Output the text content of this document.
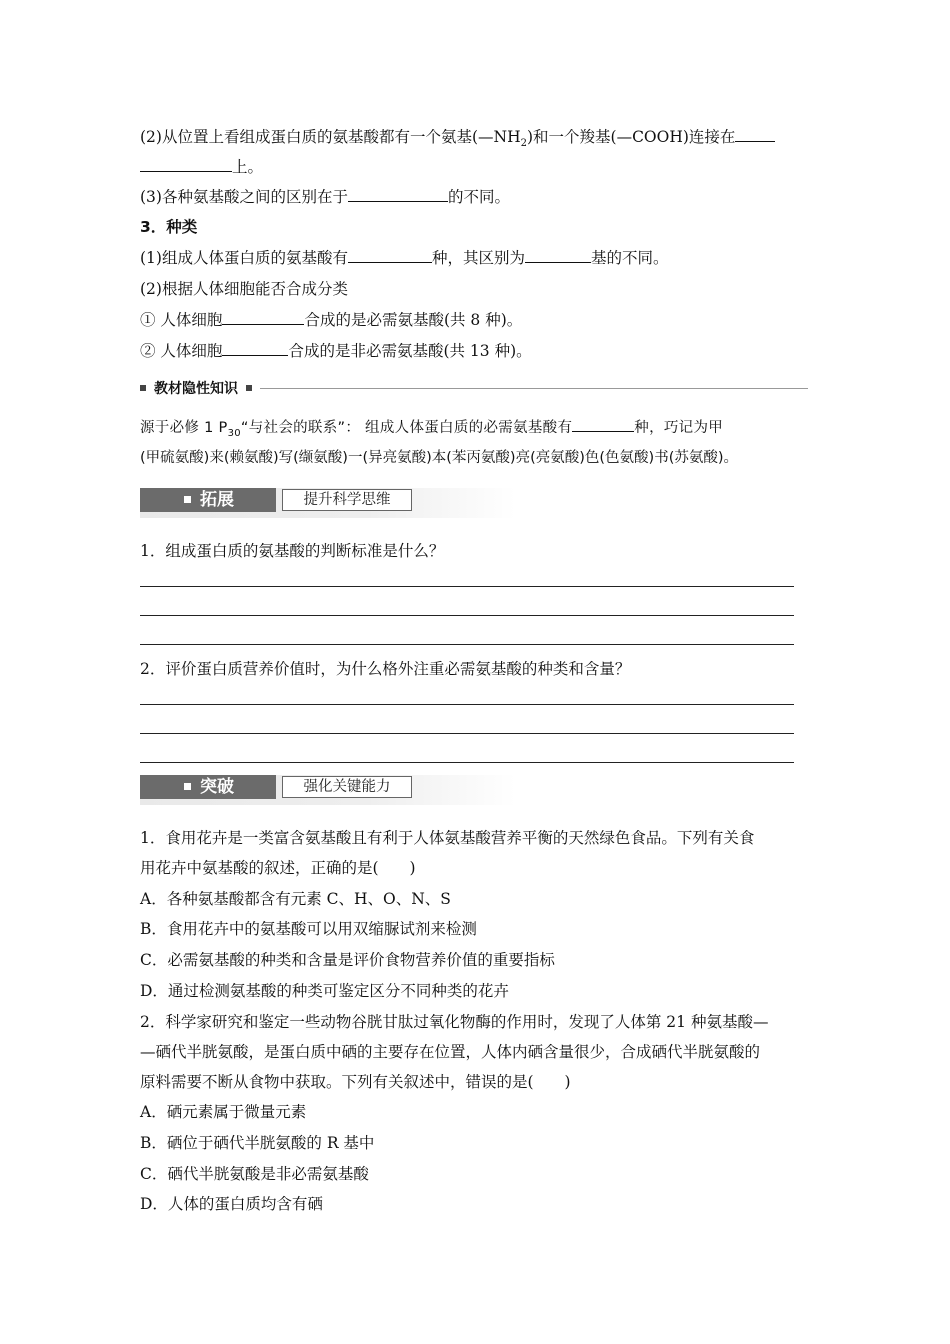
(2)从位置上看组成蛋白质的氨基酸都有一个氨基$(—NH_2)$和一个羧基(—COOH)连接在
上。
(3)各种氨基酸之间的区别在于	的不同。
3．种类
(1)组成人体蛋白质的氨基酸有	种，其区别为	基的不同。
(2)根据人体细胞能否合成分类
① 人体细胞	合成的是必需氨基酸(共 8 种)。
② 人体细胞	合成的是非必需氨基酸(共 13 种)。
教材隐性知识
源于必修 1 $P_{30}“$与社会的联系”： 组成人体蛋白质的必需氨基酸有	种，巧记为甲
(甲硫氨酸)来(赖氨酸)写(缬氨酸)一(异亮氨酸)本(苯丙氨酸)亮(亮氨酸)色(色氨酸)书(苏氨酸)。
拓展	提升科学思维
1．组成蛋白质的氨基酸的判断标准是什么？
2．评价蛋白质营养价值时，为什么格外注重必需氨基酸的种类和含量？
突破	强化关键能力
1．食用花卉是一类富含氨基酸且有利于人体氨基酸营养平衡的天然绿色食品。下列有关食
用花卉中氨基酸的叙述，正确的是(　　)
A．各种氨基酸都含有元素 C、H、O、N、S
B．食用花卉中的氨基酸可以用双缩脲试剂来检测
C．必需氨基酸的种类和含量是评价食物营养价值的重要指标
D．通过检测氨基酸的种类可鉴定区分不同种类的花卉
2．科学家研究和鉴定一些动物谷胱甘肽过氧化物酶的作用时，发现了人体第 21 种氨基酸—
—硒代半胱氨酸，是蛋白质中硒的主要存在位置，人体内硒含量很少，合成硒代半胱氨酸的
原料需要不断从食物中获取。下列有关叙述中，错误的是(　　)
A．硒元素属于微量元素
B．硒位于硒代半胱氨酸的 R 基中
C．硒代半胱氨酸是非必需氨基酸
D．人体的蛋白质均含有硒
